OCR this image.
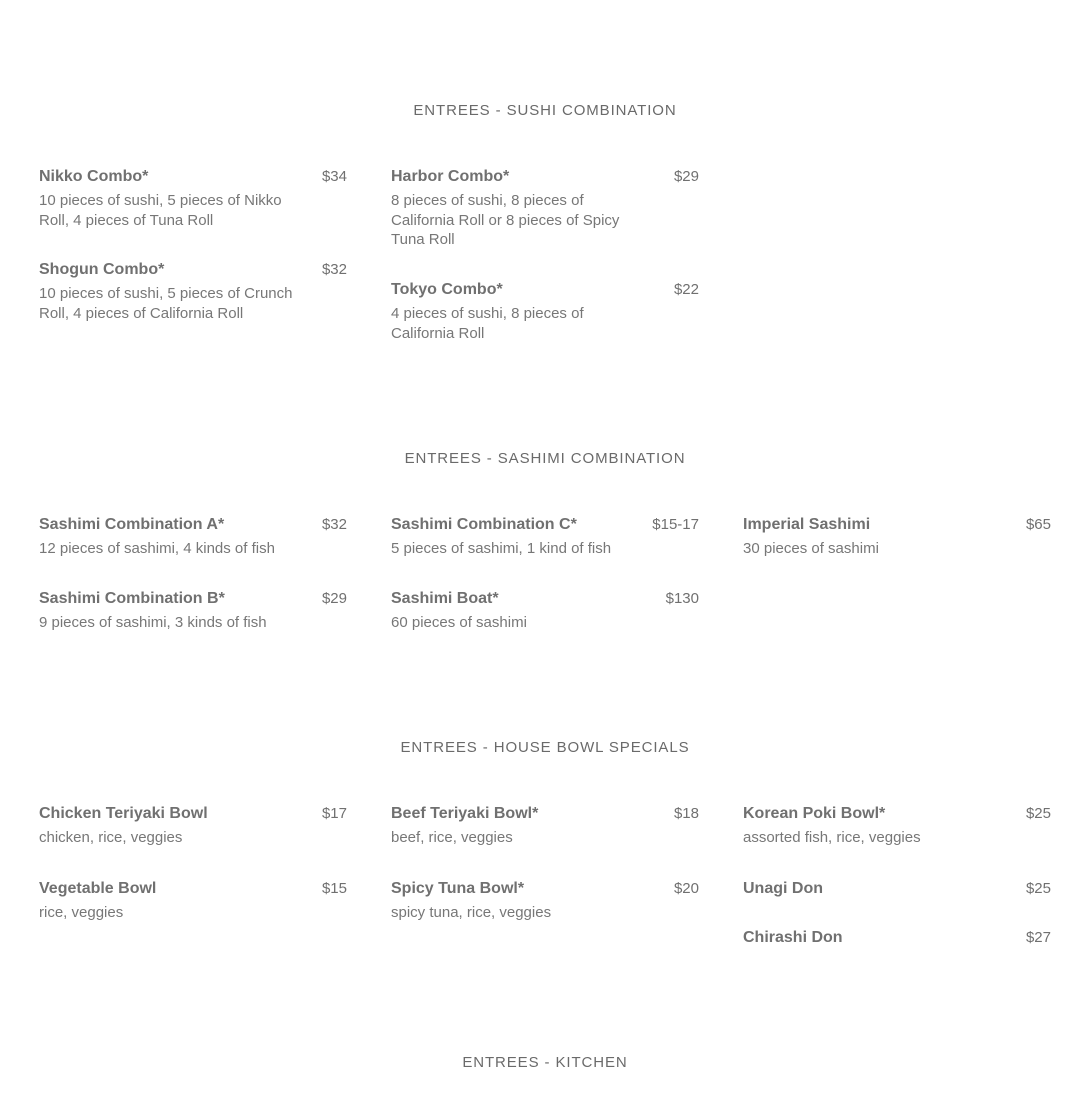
ENTREES - SUSHI COMBINATION
Nikko Combo*	$34
10 pieces of sushi, 5 pieces of Nikko Roll, 4 pieces of Tuna Roll
Shogun Combo*	$32
10 pieces of sushi, 5 pieces of Crunch Roll, 4 pieces of California Roll
Harbor Combo*	$29
8 pieces of sushi, 8 pieces of California Roll or 8 pieces of Spicy Tuna Roll
Tokyo Combo*	$22
4 pieces of sushi, 8 pieces of California Roll
ENTREES - SASHIMI COMBINATION
Sashimi Combination A*	$32
12 pieces of sashimi, 4 kinds of fish
Sashimi Combination B*	$29
9 pieces of sashimi, 3 kinds of fish
Sashimi Combination C*	$15-17
5 pieces of sashimi, 1 kind of fish
Sashimi Boat*	$130
60 pieces of sashimi
Imperial Sashimi	$65
30 pieces of sashimi
ENTREES - HOUSE BOWL SPECIALS
Chicken Teriyaki Bowl	$17
chicken, rice, veggies
Vegetable Bowl	$15
rice, veggies
Beef Teriyaki Bowl*	$18
beef, rice, veggies
Spicy Tuna Bowl*	$20
spicy tuna, rice, veggies
Korean Poki Bowl*	$25
assorted fish, rice, veggies
Unagi Don	$25
Chirashi Don	$27
ENTREES - KITCHEN
